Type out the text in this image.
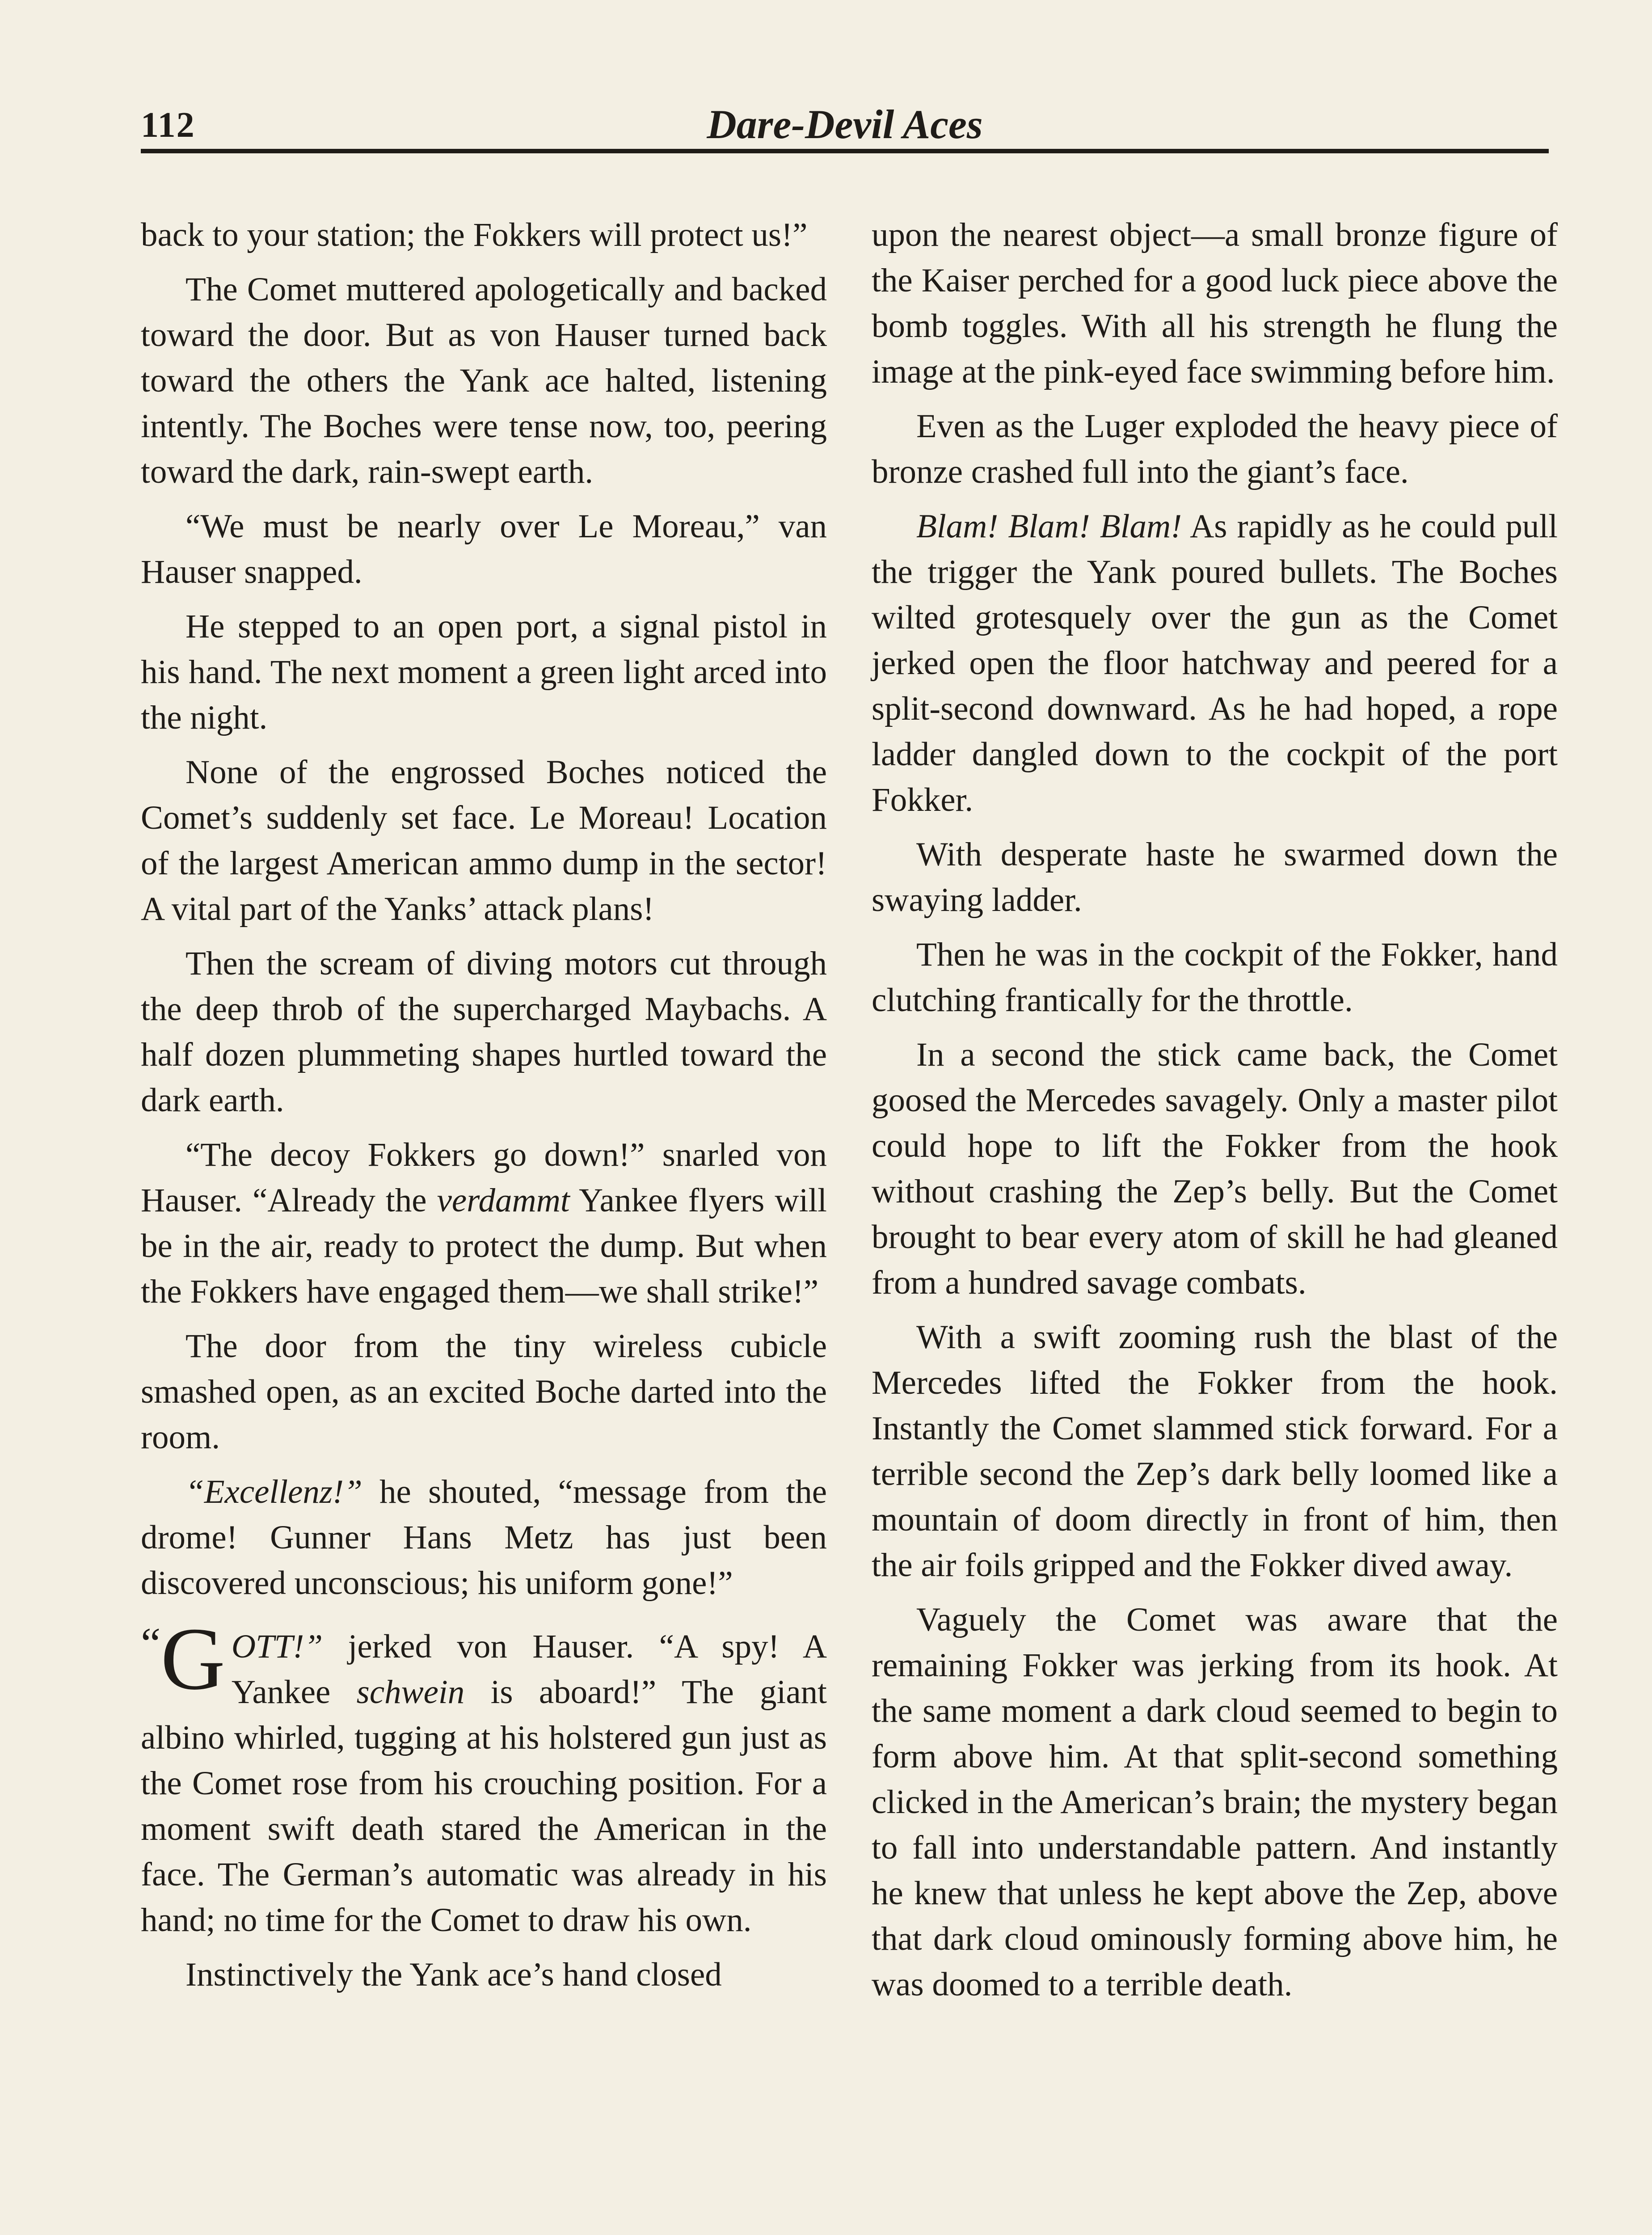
112	Dare-Devil Aces

back to your station; the Fokkers will protect us!”

The Comet muttered apologetically and backed toward the door. But as von Hauser turned back toward the others the Yank ace halted, listening intently. The Boches were tense now, too, peering toward the dark, rain-swept earth.

“We must be nearly over Le Moreau,” van Hauser snapped.

He stepped to an open port, a signal pistol in his hand. The next moment a green light arced into the night.

None of the engrossed Boches noticed the Comet’s suddenly set face. Le Moreau! Location of the largest American ammo dump in the sector! A vital part of the Yanks’ attack plans!

Then the scream of diving motors cut through the deep throb of the supercharged Maybachs. A half dozen plummeting shapes hurtled toward the dark earth.

“The decoy Fokkers go down!” snarled von Hauser. “Already the verdammt Yankee flyers will be in the air, ready to protect the dump. But when the Fokkers have engaged them—we shall strike!”

The door from the tiny wireless cubicle smashed open, as an excited Boche darted into the room.

“Excellenz!” he shouted, “message from the drome! Gunner Hans Metz has just been discovered unconscious; his uniform gone!”

“G OTT!” jerked von Hauser. “A spy! A Yankee schwein is aboard!” The giant albino whirled, tugging at his holstered gun just as the Comet rose from his crouching position. For a moment swift death stared the American in the face. The German’s automatic was already in his hand; no time for the Comet to draw his own.

Instinctively the Yank ace’s hand closed

upon the nearest object—a small bronze figure of the Kaiser perched for a good luck piece above the bomb toggles. With all his strength he flung the image at the pink-eyed face swimming before him.

Even as the Luger exploded the heavy piece of bronze crashed full into the giant’s face.

Blam! Blam! Blam! As rapidly as he could pull the trigger the Yank poured bullets. The Boches wilted grotesquely over the gun as the Comet jerked open the floor hatchway and peered for a split-second downward. As he had hoped, a rope ladder dangled down to the cockpit of the port Fokker.

With desperate haste he swarmed down the swaying ladder.

Then he was in the cockpit of the Fokker, hand clutching frantically for the throttle.

In a second the stick came back, the Comet goosed the Mercedes savagely. Only a master pilot could hope to lift the Fokker from the hook without crashing the Zep’s belly. But the Comet brought to bear every atom of skill he had gleaned from a hundred savage combats.

With a swift zooming rush the blast of the Mercedes lifted the Fokker from the hook. Instantly the Comet slammed stick forward. For a terrible second the Zep’s dark belly loomed like a mountain of doom directly in front of him, then the air foils gripped and the Fokker dived away.

Vaguely the Comet was aware that the remaining Fokker was jerking from its hook. At the same moment a dark cloud seemed to begin to form above him. At that split-second something clicked in the American’s brain; the mystery began to fall into understandable pattern. And instantly he knew that unless he kept above the Zep, above that dark cloud ominously forming above him, he was doomed to a terrible death.
